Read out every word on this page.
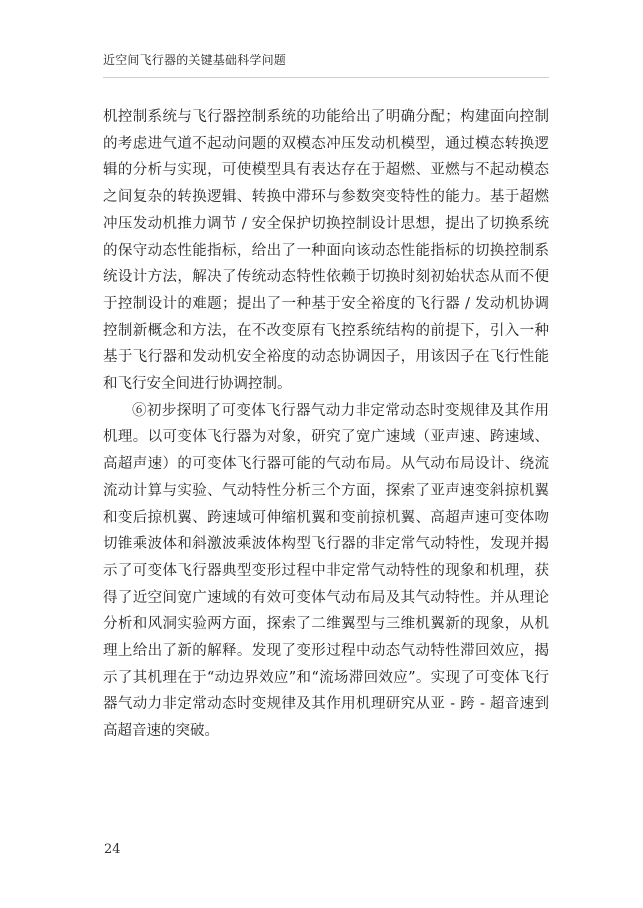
近空间飞行器的关键基础科学问题

机控制系统与飞行器控制系统的功能给出了明确分配；构建面向控制的考虑进气道不起动问题的双模态冲压发动机模型，通过模态转换逻辑的分析与实现，可使模型具有表达存在于超燃、亚燃与不起动模态之间复杂的转换逻辑、转换中滞环与参数突变特性的能力。基于超燃冲压发动机推力调节 / 安全保护切换控制设计思想，提出了切换系统的保守动态性能指标，给出了一种面向该动态性能指标的切换控制系统设计方法，解决了传统动态特性依赖于切换时刻初始状态从而不便于控制设计的难题；提出了一种基于安全裕度的飞行器 / 发动机协调控制新概念和方法，在不改变原有飞控系统结构的前提下，引入一种基于飞行器和发动机安全裕度的动态协调因子，用该因子在飞行性能和飞行安全间进行协调控制。

⑥初步探明了可变体飞行器气动力非定常动态时变规律及其作用机理。以可变体飞行器为对象，研究了宽广速域（亚声速、跨速域、高超声速）的可变体飞行器可能的气动布局。从气动布局设计、绕流流动计算与实验、气动特性分析三个方面，探索了亚声速变斜掠机翼和变后掠机翼、跨速域可伸缩机翼和变前掠机翼、高超声速可变体吻切锥乘波体和斜激波乘波体构型飞行器的非定常气动特性，发现并揭示了可变体飞行器典型变形过程中非定常气动特性的现象和机理，获得了近空间宽广速域的有效可变体气动布局及其气动特性。并从理论分析和风洞实验两方面，探索了二维翼型与三维机翼新的现象，从机理上给出了新的解释。发现了变形过程中动态气动特性滞回效应，揭示了其机理在于“动边界效应”和“流场滞回效应”。实现了可变体飞行器气动力非定常动态时变规律及其作用机理研究从亚 - 跨 - 超音速到高超音速的突破。

24
